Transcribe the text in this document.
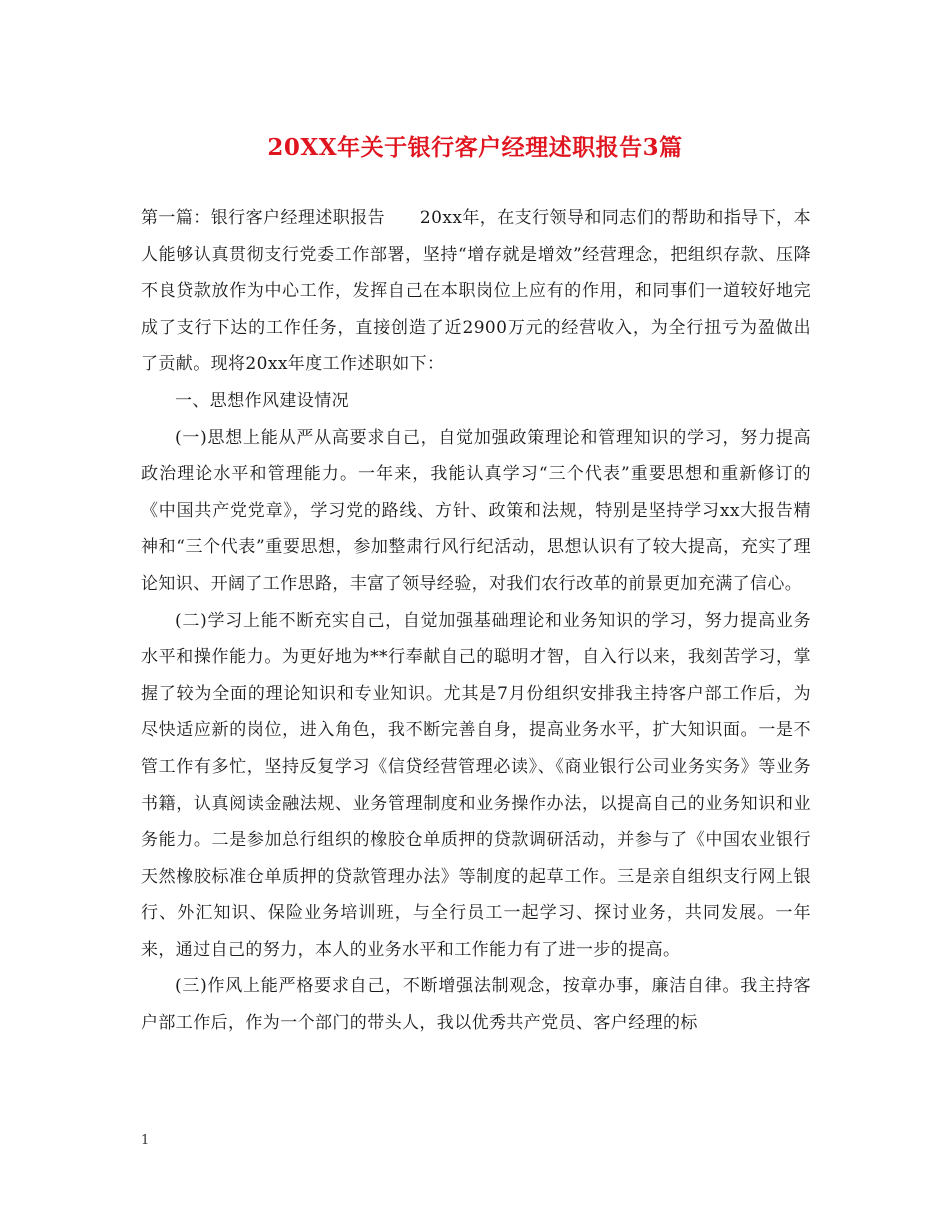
20XX年关于银行客户经理述职报告3篇

第一篇：银行客户经理述职报告　　20xx年，在支行领导和同志们的帮助和指导下，本人能够认真贯彻支行党委工作部署，坚持“增存就是增效”经营理念，把组织存款、压降不良贷款放作为中心工作，发挥自己在本职岗位上应有的作用，和同事们一道较好地完成了支行下达的工作任务，直接创造了近2900万元的经营收入，为全行扭亏为盈做出了贡献。现将20xx年度工作述职如下：

一、思想作风建设情况

(一)思想上能从严从高要求自己，自觉加强政策理论和管理知识的学习，努力提高政治理论水平和管理能力。一年来，我能认真学习“三个代表”重要思想和重新修订的《中国共产党党章》，学习党的路线、方针、政策和法规，特别是坚持学习xx大报告精神和“三个代表”重要思想，参加整肃行风行纪活动，思想认识有了较大提高，充实了理论知识、开阔了工作思路，丰富了领导经验，对我们农行改革的前景更加充满了信心。

(二)学习上能不断充实自己，自觉加强基础理论和业务知识的学习，努力提高业务水平和操作能力。为更好地为**行奉献自己的聪明才智，自入行以来，我刻苦学习，掌握了较为全面的理论知识和专业知识。尤其是7月份组织安排我主持客户部工作后，为尽快适应新的岗位，进入角色，我不断完善自身，提高业务水平，扩大知识面。一是不管工作有多忙，坚持反复学习《信贷经营管理必读》、《商业银行公司业务实务》等业务书籍，认真阅读金融法规、业务管理制度和业务操作办法，以提高自己的业务知识和业务能力。二是参加总行组织的橡胶仓单质押的贷款调研活动，并参与了《中国农业银行天然橡胶标准仓单质押的贷款管理办法》等制度的起草工作。三是亲自组织支行网上银行、外汇知识、保险业务培训班，与全行员工一起学习、探讨业务，共同发展。一年来，通过自己的努力，本人的业务水平和工作能力有了进一步的提高。

(三)作风上能严格要求自己，不断增强法制观念，按章办事，廉洁自律。我主持客户部工作后，作为一个部门的带头人，我以优秀共产党员、客户经理的标

1
